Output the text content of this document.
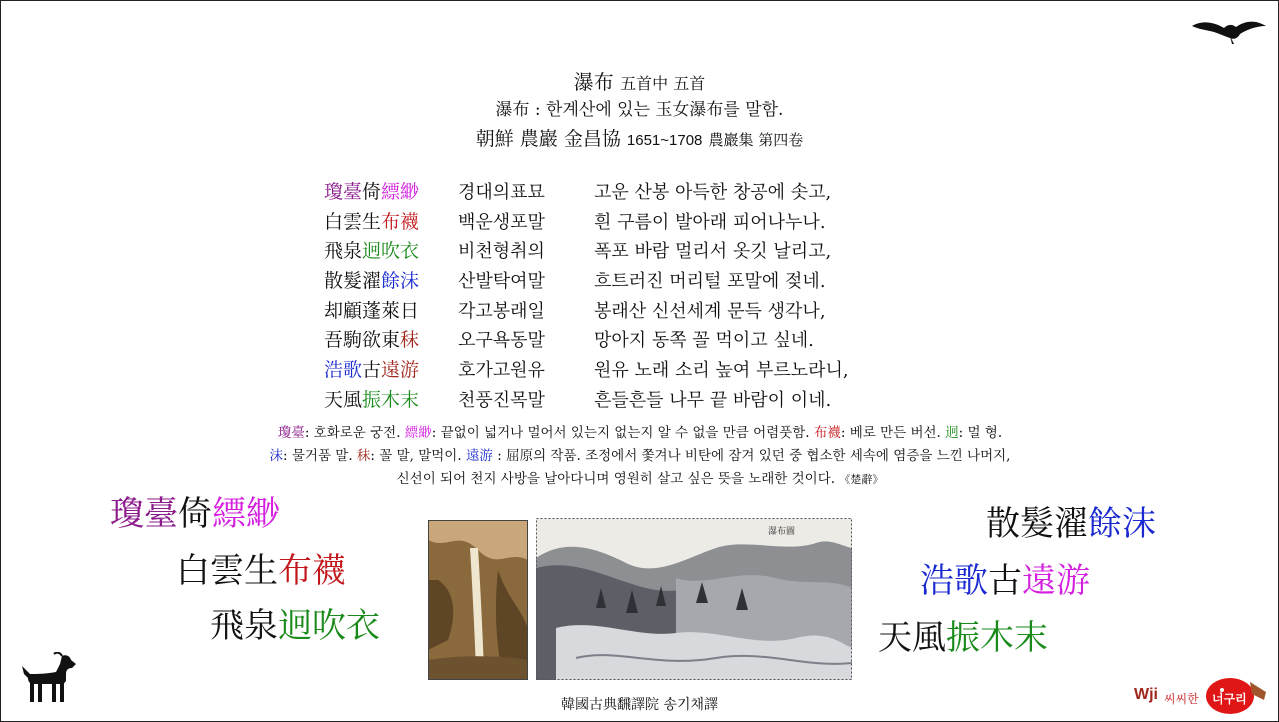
瀑布 五首中 五首
瀑布 : 한계산에 있는 玉女瀑布를 말함.
朝鮮 農巖 金昌協 1651~1708 農巖集 第四卷
瓊臺倚縹緲 경대의표묘	고운 산봉 아득한 창공에 솟고,
白雲生布襪 백운생포말	흰 구름이 발아래 피어나누나.
飛泉迥吹衣 비천형취의	폭포 바람 멀리서 옷깃 날리고,
散髮濯餘沫 산발탁여말	흐트러진 머리털 포말에 젖네.
却顧蓬萊日 각고봉래일	봉래산 신선세계 문득 생각나,
吾駒欲東秣 오구욕동말	망아지 동쪽 꼴 먹이고 싶네.
浩歌古遠游 호가고원유	원유 노래 소리 높여 부르노라니,
天風振木末 천풍진목말	흔들흔들 나무 끝 바람이 이네.
瓊臺: 호화로운 궁전. 縹緲: 끝없이 넓거나 멀어서 있는지 없는지 알 수 없을 만큼 어렴풋함. 布襪: 베로 만든 버선. 迥: 멀 형.
沫: 물거품 말. 秣: 꼴 말, 말먹이. 遠游 : 屈原의 작품. 조정에서 쫓겨나 비탄에 잠겨 있던 중 협소한 세속에 염증을 느낀 나머지,
신선이 되어 천지 사방을 날아다니며 영원히 살고 싶은 뜻을 노래한 것이다. 《楚辭》
瓊臺倚縹緲
白雲生布襪
飛泉迥吹衣
散髮濯餘沫
浩歌古遠游
天風振木末
瀑布圖
韓國古典飜譯院 송기채譯
Wji 씨씨한 너구리
